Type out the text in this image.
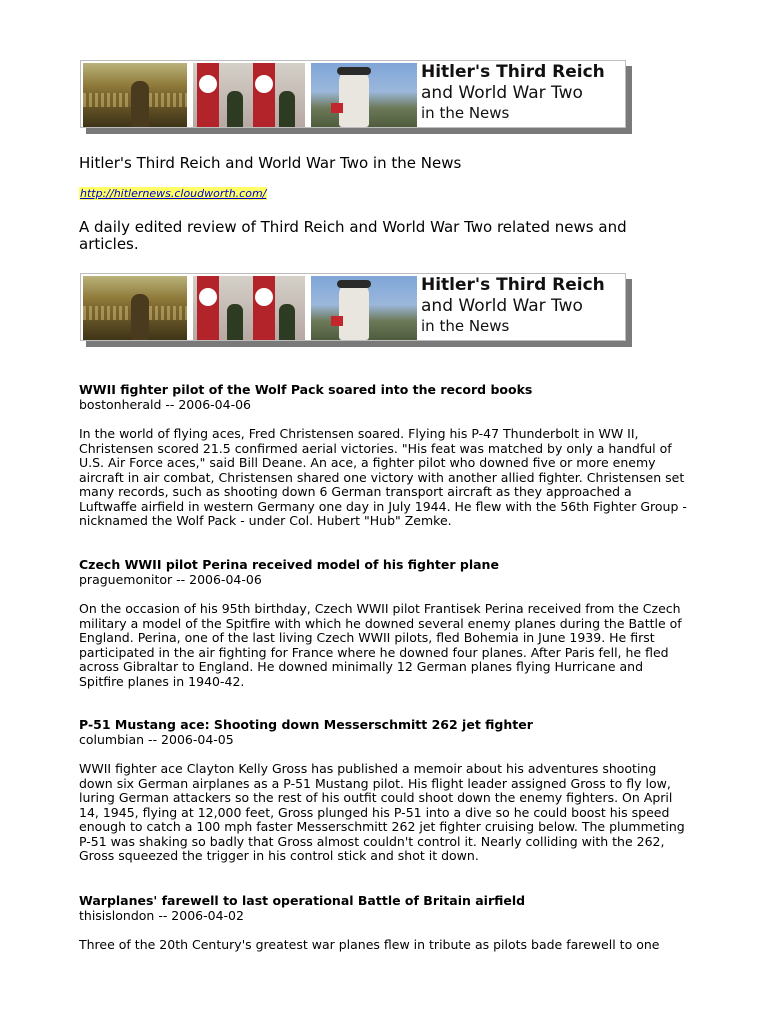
Hitler's Third Reich
and World War Two
in the News
Hitler's Third Reich and World War Two in the News
http://hitlernews.cloudworth.com/
A daily edited review of Third Reich and World War Two related news and articles.
Hitler's Third Reich
and World War Two
in the News
WWII fighter pilot of the Wolf Pack soared into the record books
bostonherald -- 2006-04-06
In the world of flying aces, Fred Christensen soared. Flying his P-47 Thunderbolt in WW II, Christensen scored 21.5 confirmed aerial victories. "His feat was matched by only a handful of U.S. Air Force aces," said Bill Deane. An ace, a fighter pilot who downed five or more enemy aircraft in air combat, Christensen shared one victory with another allied fighter. Christensen set many records, such as shooting down 6 German transport aircraft as they approached a Luftwaffe airfield in western Germany one day in July 1944. He flew with the 56th Fighter Group - nicknamed the Wolf Pack - under Col. Hubert "Hub" Zemke.
Czech WWII pilot Perina received model of his fighter plane
praguemonitor -- 2006-04-06
On the occasion of his 95th birthday, Czech WWII pilot Frantisek Perina received from the Czech military a model of the Spitfire with which he downed several enemy planes during the Battle of England. Perina, one of the last living Czech WWII pilots, fled Bohemia in June 1939. He first participated in the air fighting for France where he downed four planes. After Paris fell, he fled across Gibraltar to England. He downed minimally 12 German planes flying Hurricane and Spitfire planes in 1940-42.
P-51 Mustang ace: Shooting down Messerschmitt 262 jet fighter
columbian -- 2006-04-05
WWII fighter ace Clayton Kelly Gross has published a memoir about his adventures shooting down six German airplanes as a P-51 Mustang pilot. His flight leader assigned Gross to fly low, luring German attackers so the rest of his outfit could shoot down the enemy fighters. On April 14, 1945, flying at 12,000 feet, Gross plunged his P-51 into a dive so he could boost his speed enough to catch a 100 mph faster Messerschmitt 262 jet fighter cruising below. The plummeting P-51 was shaking so badly that Gross almost couldn't control it. Nearly colliding with the 262, Gross squeezed the trigger in his control stick and shot it down.
Warplanes' farewell to last operational Battle of Britain airfield
thisislondon -- 2006-04-02
Three of the 20th Century's greatest war planes flew in tribute as pilots bade farewell to one
